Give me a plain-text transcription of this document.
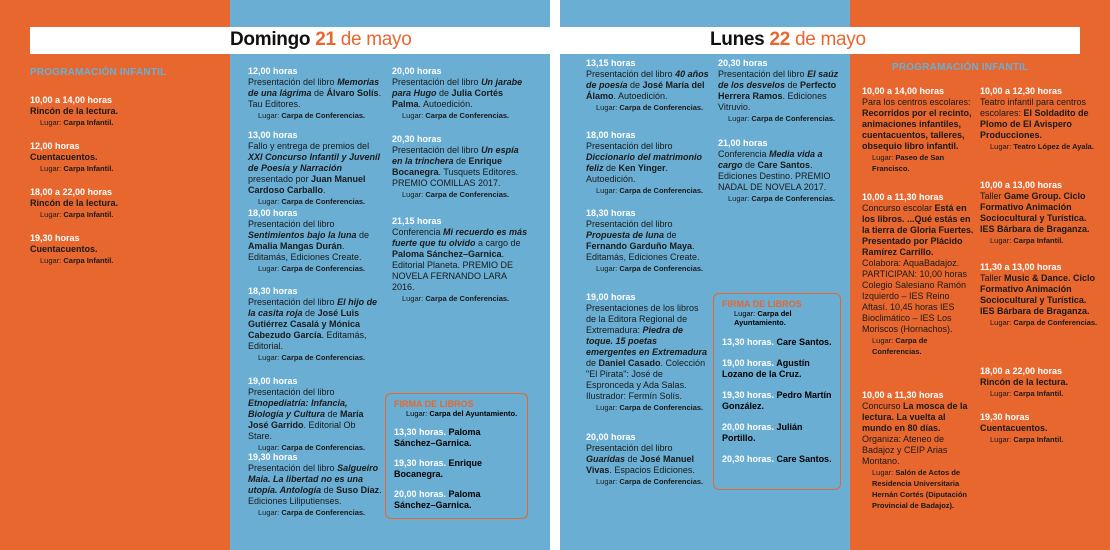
10,00 a 14,00 horas
Rincón de la lectura.
Lugar: Carpa Infantil.
12,00 horas
Cuentacuentos.
Lugar: Carpa Infantil.
18,00 a 22,00 horas
Rincón de la lectura.
Lugar: Carpa Infantil.
19,30 horas
Cuentacuentos.
Lugar: Carpa Infantil.
12,00 horas
Presentación del libro Memorias de una lágrima de Álvaro Solís. Tau Editores.
Lugar: Carpa de Conferencias.
13,00 horas
Fallo y entrega de premios del XXI Concurso Infantil y Juvenil de Poesía y Narración presentado por Juan Manuel Cardoso Carballo.
Lugar: Carpa de Conferencias.
18,00 horas
Presentación del libro Sentimientos bajo la luna de Amalia Mangas Durán. Editamás, Ediciones Create.
Lugar: Carpa de Conferencias.
18,30 horas
Presentación del libro El hijo de la casita roja de José Luis Gutiérrez Casalá y Mónica Cabezudo García. Editamás, Editorial.
Lugar: Carpa de Conferencias.
19,00 horas
Presentación del libro Etnopediatría: Infancia, Biología y Cultura de María José Garrido. Editorial Ob Stare.
Lugar: Carpa de Conferencias.
19,30 horas
Presentación del libro Salgueiro Maia. La libertad no es una utopía. Antología de Suso Díaz. Ediciones Liliputienses.
Lugar: Carpa de Conferencias.
20,00 horas
Presentación del libro Un jarabe para Hugo de Julia Cortés Palma. Autoedición.
Lugar: Carpa de Conferencias.
20,30 horas
Presentación del libro Un espía en la trinchera de Enrique Bocanegra. Tusquets Editores. PREMIO COMILLAS 2017.
Lugar: Carpa de Conferencias.
21,15 horas
Conferencia Mi recuerdo es más fuerte que tu olvido a cargo de Paloma Sánchez–Garnica. Editorial Planeta. PREMIO DE NOVELA FERNANDO LARA 2016.
Lugar: Carpa de Conferencias.
FIRMA DE LIBROS
Lugar: Carpa del Ayuntamiento.
13,30 horas. Paloma Sánchez–Garnica.
19,30 horas. Enrique Bocanegra.
20,00 horas. Paloma Sánchez–Garnica.
13,15 horas
Presentación del libro 40 años de poesía de José María del Álamo. Autoedición.
Lugar: Carpa de Conferencias.
18,00 horas
Presentación del libro Diccionario del matrimonio feliz de Ken Yinger. Autoedición.
Lugar: Carpa de Conferencias.
18,30 horas
Presentación del libro Propuesta de luna de Fernando Garduño Maya. Editamás, Ediciones Create.
Lugar: Carpa de Conferencias.
19,00 horas
Presentaciones de los libros de la Editora Regional de Extremadura: Piedra de toque. 15 poetas emergentes en Extremadura de Daniel Casado. Colección "El Pirata": José de Espronceda y Ada Salas. Ilustrador: Fermín Solís.
Lugar: Carpa de Conferencias.
20,00 horas
Presentación del libro Guaridas de José Manuel Vivas. Espacios Ediciones.
Lugar: Carpa de Conferencias.
20,30 horas
Presentación del libro El saúz de los desvelos de Perfecto Herrera Ramos. Ediciones Vitruvio.
Lugar: Carpa de Conferencias.
21,00 horas
Conferencia Media vida a cargo de Care Santos. Ediciones Destino. PREMIO NADAL DE NOVELA 2017.
Lugar: Carpa de Conferencias.
FIRMA DE LIBROS
Lugar: Carpa del Ayuntamiento.
13,30 horas. Care Santos.
19,00 horas. Agustín Lozano de la Cruz.
19,30 horas. Pedro Martín González.
20,00 horas. Julián Portillo.
20,30 horas. Care Santos.
10,00 a 14,00 horas
Para los centros escolares: Recorridos por el recinto, animaciones infantiles, cuentacuentos, talleres, obsequio libro infantil.
Lugar: Paseo de San Francisco.
10,00 a 11,30 horas
Concurso escolar Está en los libros. ...Qué estás en la tierra de Gloria Fuertes. Presentado por Plácido Ramírez Carrillo.
Colabora: AquaBadajoz. PARTICIPAN: 10,00 horas Colegio Salesiano Ramón Izquierdo – IES Reino Aftasí. 10,45 horas IES Bioclimático – IES Los Moriscos (Hornachos).
Lugar: Carpa de Conferencias.
10,00 a 11,30 horas
Concurso La mosca de la lectura. La vuelta al mundo en 80 días.
Organiza: Ateneo de Badajoz y CEIP Arias Montano.
Lugar: Salón de Actos de Residencia Universitaria Hernán Cortés (Diputación Provincial de Badajoz).
10,00 a 12,30 horas
Teatro infantil para centros escolares: El Soldadito de Plomo de El Avispero Producciones.
Lugar: Teatro López de Ayala.
10,00 a 13,00 horas
Taller Game Group. Ciclo Formativo Animación Sociocultural y Turística. IES Bárbara de Braganza.
Lugar: Carpa Infantil.
11,30 a 13,00 horas
Taller Music & Dance. Ciclo Formativo Animación Sociocultural y Turística. IES Bárbara de Braganza.
Lugar: Carpa de Conferencias.
18,00 a 22,00 horas
Rincón de la lectura.
Lugar: Carpa Infantil.
19,30 horas
Cuentacuentos.
Lugar: Carpa Infantil.
Domingo 21 de mayo	Lunes 22 de mayo
PROGRAMACIÓN INFANTIL	PROGRAMACIÓN INFANTIL
